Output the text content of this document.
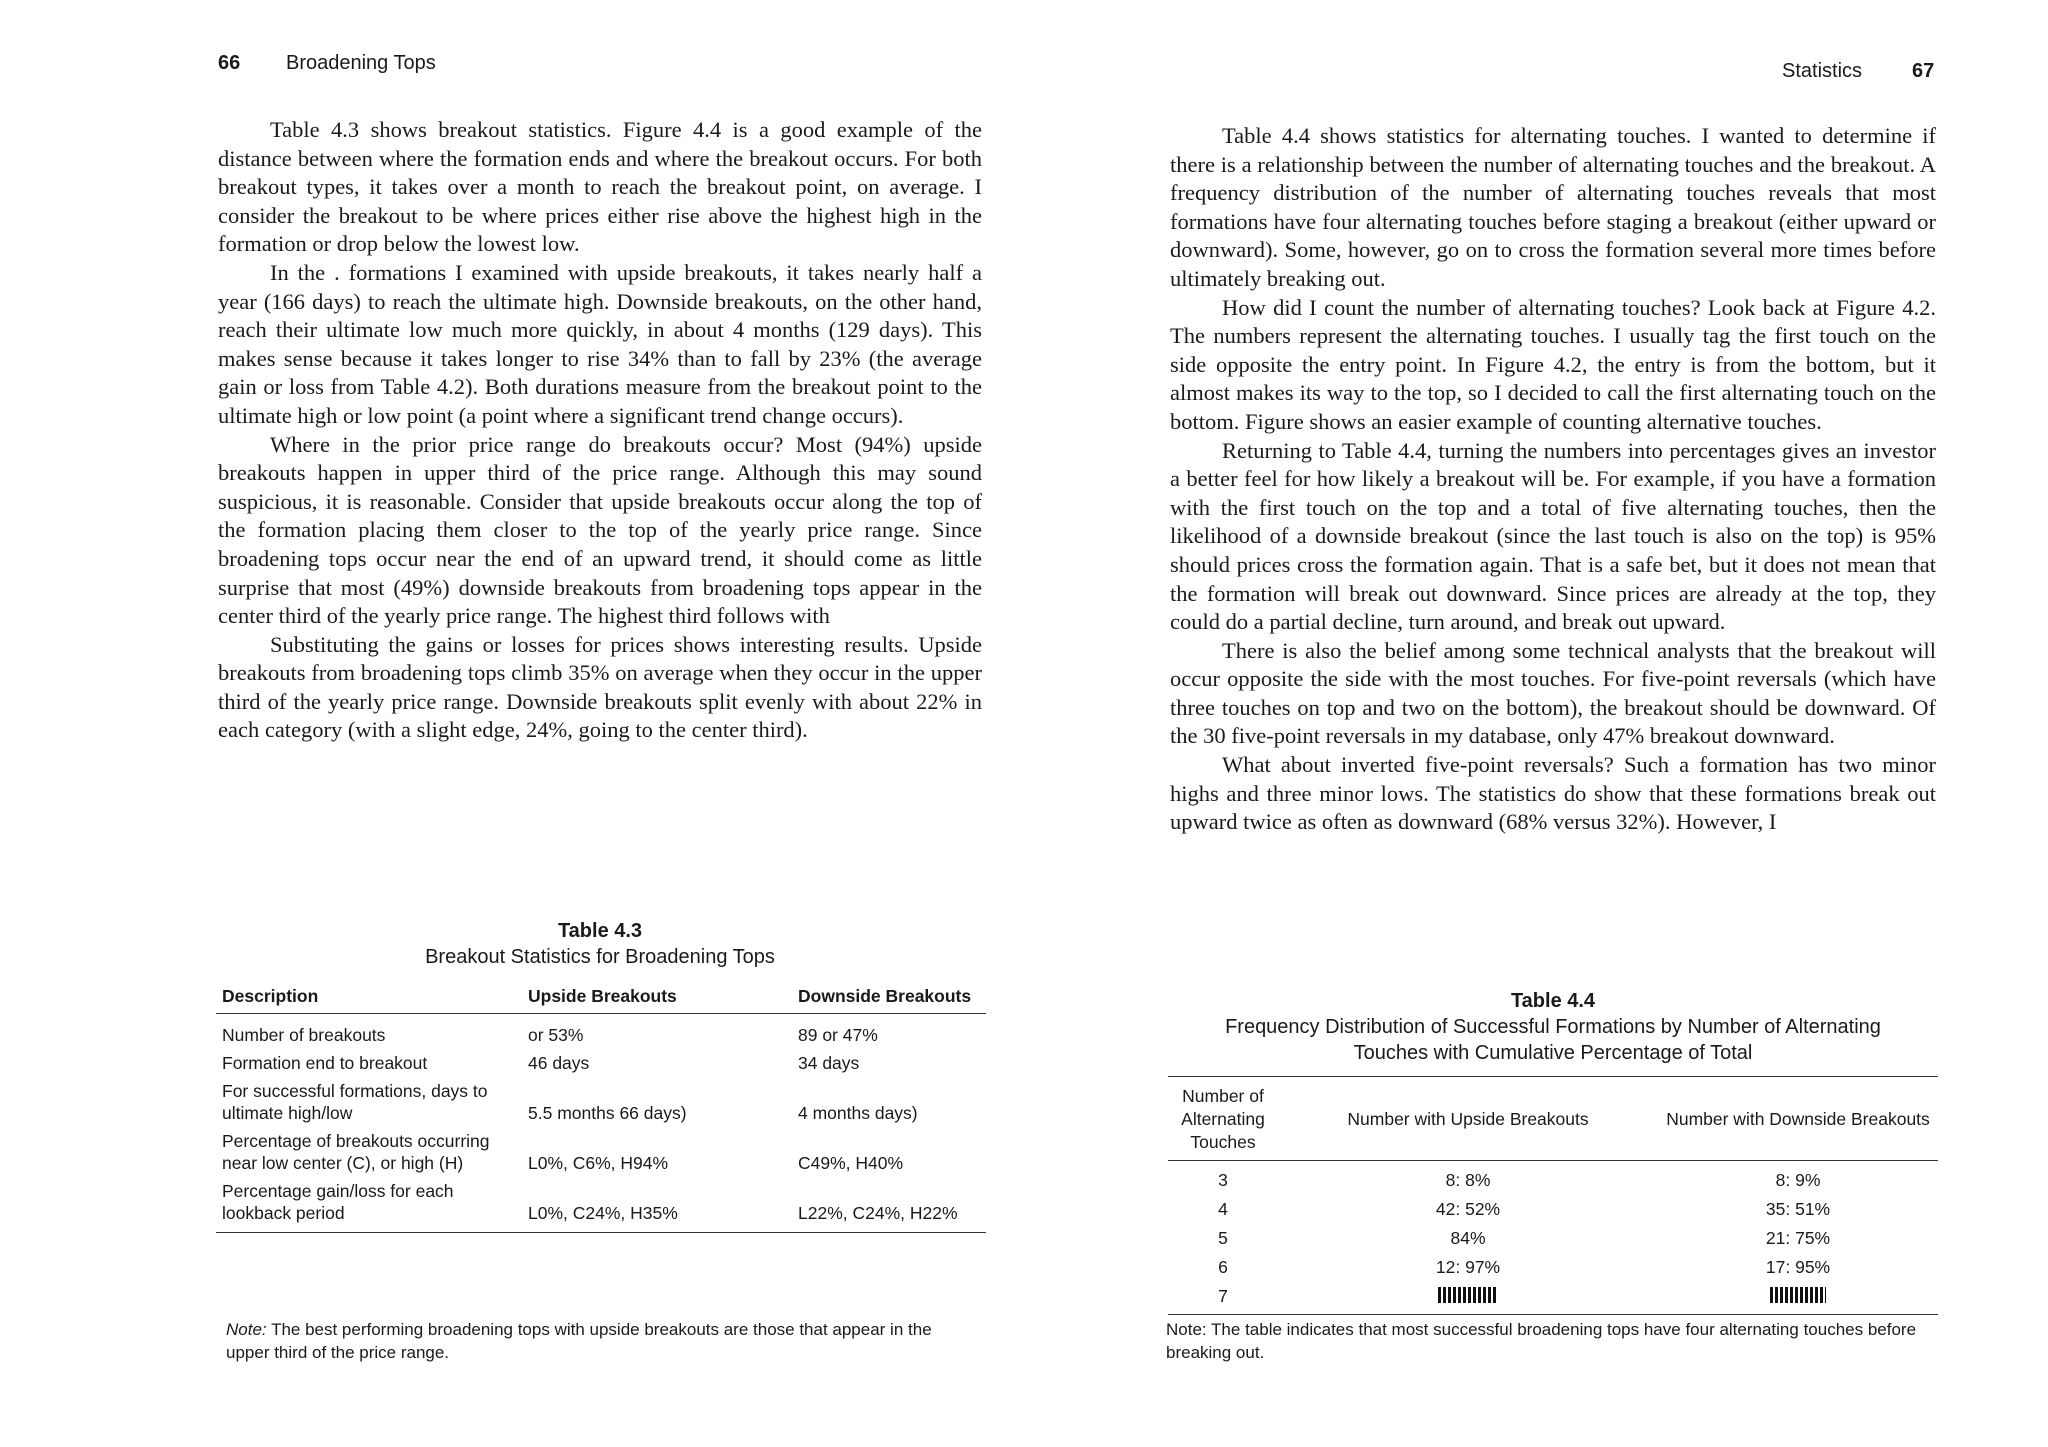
66 Broadening Tops

Table 4.3 shows breakout statistics. Figure 4.4 is a good example of the distance between where the formation ends and where the breakout occurs. For both breakout types, it takes over a month to reach the breakout point, on average. I consider the breakout to be where prices either rise above the highest high in the formation or drop below the lowest low.

In the . formations I examined with upside breakouts, it takes nearly half a year (166 days) to reach the ultimate high. Downside breakouts, on the other hand, reach their ultimate low much more quickly, in about 4 months (129 days). This makes sense because it takes longer to rise 34% than to fall by 23% (the average gain or loss from Table 4.2). Both durations measure from the breakout point to the ultimate high or low point (a point where a significant trend change occurs).

Where in the prior price range do breakouts occur? Most (94%) upside breakouts happen in upper third of the price range. Although this may sound suspicious, it is reasonable. Consider that upside breakouts occur along the top of the formation placing them closer to the top of the yearly price range. Since broadening tops occur near the end of an upward trend, it should come as little surprise that most (49%) downside breakouts from broadening tops appear in the center third of the yearly price range. The highest third follows with

Substituting the gains or losses for prices shows interesting results. Upside breakouts from broadening tops climb 35% on average when they occur in the upper third of the yearly price range. Downside breakouts split evenly with about 22% in each category (with a slight edge, 24%, going to the center third).

Table 4.3
Breakout Statistics for Broadening Tops
Description	Upside Breakouts	Downside Breakouts
Number of breakouts	or 53%	89 or 47%
Formation end to breakout	46 days	34 days
For successful formations, days to ultimate high/low	5.5 months 66 days)	4 months days)
Percentage of breakouts occurring near low center (C), or high (H)	L0%, C6%, H94%	C49%, H40%
Percentage gain/loss for each lookback period	L0%, C24%, H35%	L22%, C24%, H22%
Note: The best performing broadening tops with upside breakouts are those that appear in the upper third of the price range.
Statistics 67

Table 4.4 shows statistics for alternating touches. I wanted to determine if there is a relationship between the number of alternating touches and the breakout. A frequency distribution of the number of alternating touches reveals that most formations have four alternating touches before staging a breakout (either upward or downward). Some, however, go on to cross the formation several more times before ultimately breaking out.

How did I count the number of alternating touches? Look back at Figure 4.2. The numbers represent the alternating touches. I usually tag the first touch on the side opposite the entry point. In Figure 4.2, the entry is from the bottom, but it almost makes its way to the top, so I decided to call the first alternating touch on the bottom. Figure shows an easier example of counting alternative touches.

Returning to Table 4.4, turning the numbers into percentages gives an investor a better feel for how likely a breakout will be. For example, if you have a formation with the first touch on the top and a total of five alternating touches, then the likelihood of a downside breakout (since the last touch is also on the top) is 95% should prices cross the formation again. That is a safe bet, but it does not mean that the formation will break out downward. Since prices are already at the top, they could do a partial decline, turn around, and break out upward.

There is also the belief among some technical analysts that the breakout will occur opposite the side with the most touches. For five-point reversals (which have three touches on top and two on the bottom), the breakout should be downward. Of the 30 five-point reversals in my database, only 47% breakout downward.

What about inverted five-point reversals? Such a formation has two minor highs and three minor lows. The statistics do show that these formations break out upward twice as often as downward (68% versus 32%). However, I

Table 4.4
Frequency Distribution of Successful Formations by Number of Alternating
Touches with Cumulative Percentage of Total
Number of Alternating Touches	Number with Upside Breakouts	Number with Downside Breakouts
3	8: 8%	8: 9%
4	42: 52%	35: 51%
5	84%	21: 75%
6	12: 97%	17: 95%
7		
Note: The table indicates that most successful broadening tops have four alternating touches before breaking out.
